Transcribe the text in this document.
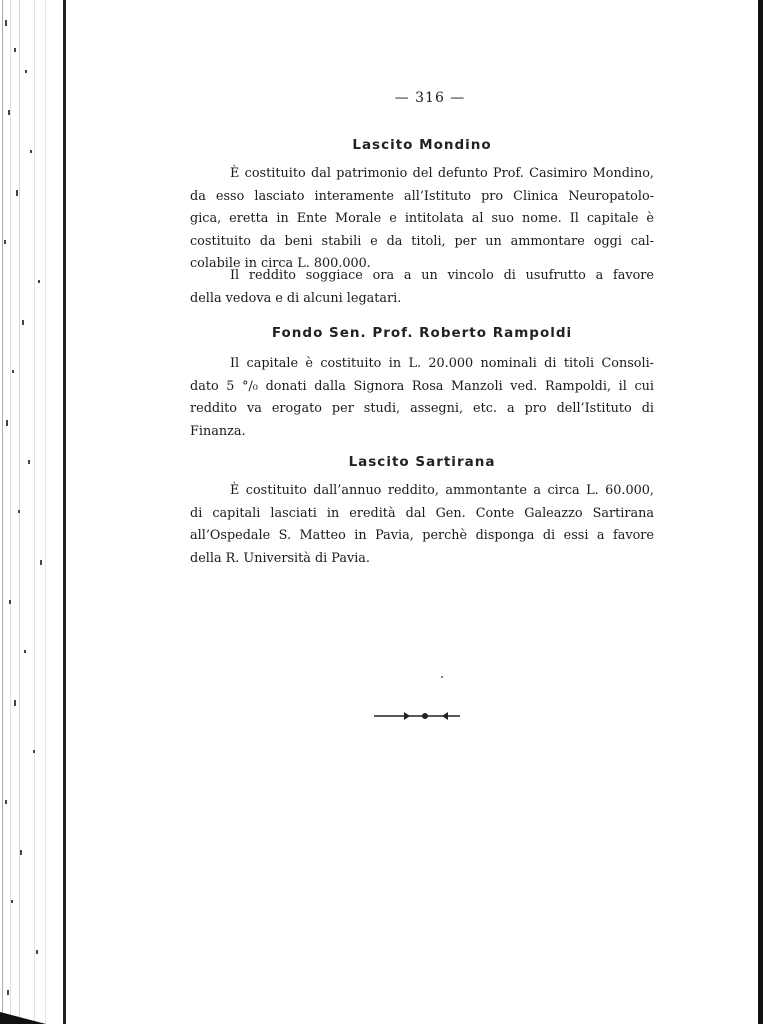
— 316 —
Lascito Mondino
È costituito dal patrimonio del defunto Prof. Casimiro Mondino,
da esso lasciato interamente all’Istituto pro Clinica Neuropatolo-
gica, eretta in Ente Morale e intitolata al suo nome. Il capitale è
costituito da beni stabili e da titoli, per un ammontare oggi cal-
colabile in circa L. 800.000.
Il reddito soggiace ora a un vincolo di usufrutto a favore
della vedova e di alcuni legatari.
Fondo Sen. Prof. Roberto Rampoldi
Il capitale è costituito in L. 20.000 nominali di titoli Consoli-
dato 5 °/₀ donati dalla Signora Rosa Manzoli ved. Rampoldi, il cui
reddito va erogato per studi, assegni, etc. a pro dell’Istituto di
Finanza.
Lascito Sartirana
È costituito dall’annuo reddito, ammontante a circa L. 60.000,
di capitali lasciati in eredità dal Gen. Conte Galeazzo Sartirana
all’Ospedale S. Matteo in Pavia, perchè disponga di essi a favore
della R. Università di Pavia.
